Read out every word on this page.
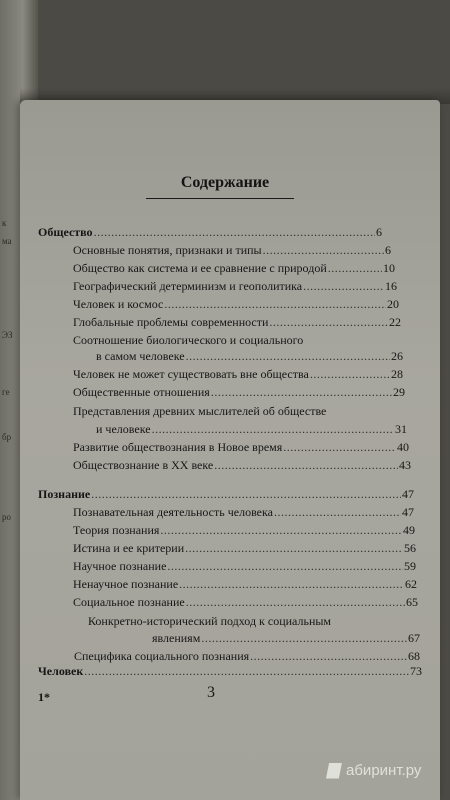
к
ма
ЭЗ
ге
бр
ро
Содержание
Общество .....	6
Основные понятия, признаки и типы .....	6
Общество как система и ее сравнение с природой .....	10
Географический детерминизм и геополитика .....	16
Человек и космос .....	20
Глобальные проблемы современности .....	22
Соотношение биологического и социального
в самом человеке .....	26
Человек не может существовать вне общества .....	28
Общественные отношения .....	29
Представления древних мыслителей об обществе
и человеке .....	31
Развитие обществознания в Новое время .....	40
Обществознание в XX веке .....	43
Познание .....	47
Познавательная деятельность человека .....	47
Теория познания .....	49
Истина и ее критерии .....	56
Научное познание .....	59
Ненаучное познание .....	62
Социальное познание .....	65
Конкретно-исторический подход к социальным
явлениям .....	67
Специфика социального познания .....	68
Человек .....	73
1*	3
абиринт.ру
